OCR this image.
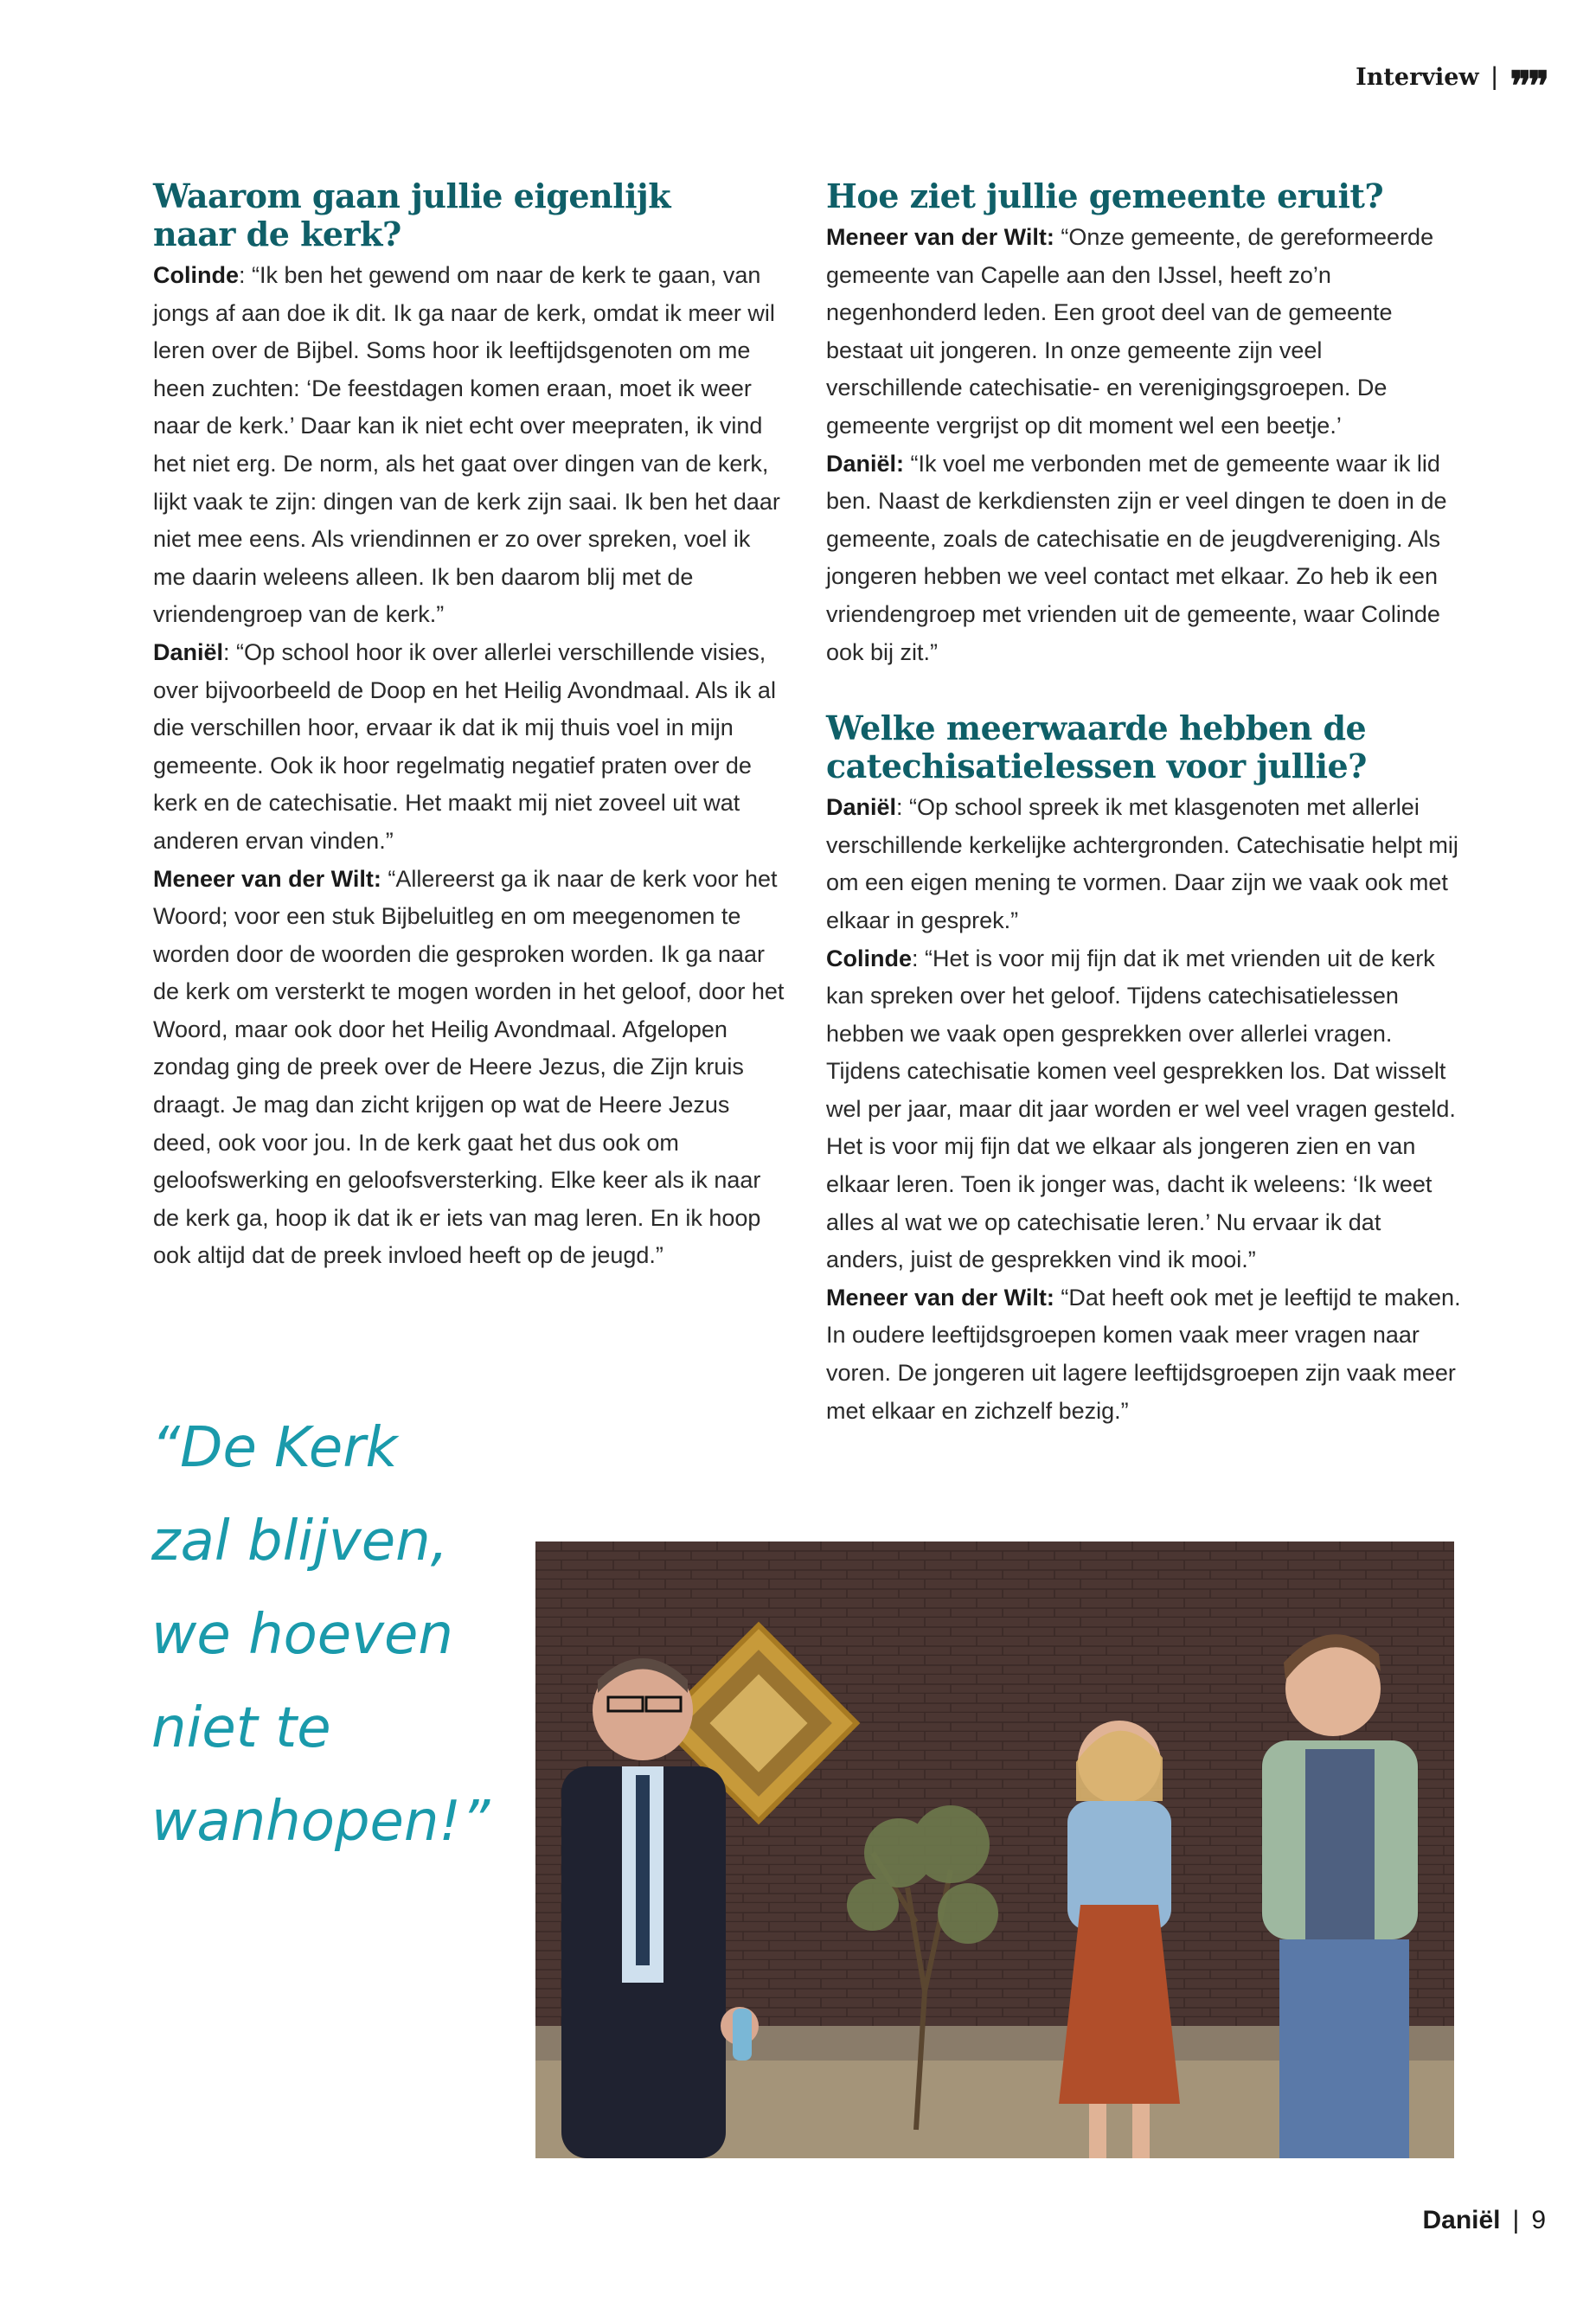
Interview | ❞❞
Waarom gaan jullie eigenlijk
naar de kerk?

Colinde: “Ik ben het gewend om naar de kerk te gaan, van jongs af aan doe ik dit. Ik ga naar de kerk, omdat ik meer wil leren over de Bijbel. Soms hoor ik leeftijdsgenoten om me heen zuchten: ‘De feestdagen komen eraan, moet ik weer naar de kerk.’ Daar kan ik niet echt over meepraten, ik vind het niet erg. De norm, als het gaat over dingen van de kerk, lijkt vaak te zijn: dingen van de kerk zijn saai. Ik ben het daar niet mee eens. Als vriendinnen er zo over spreken, voel ik me daarin weleens alleen. Ik ben daarom blij met de vriendengroep van de kerk.”

Daniël: “Op school hoor ik over allerlei verschillende visies, over bijvoorbeeld de Doop en het Heilig Avondmaal. Als ik al die verschillen hoor, ervaar ik dat ik mij thuis voel in mijn gemeente. Ook ik hoor regelmatig negatief praten over de kerk en de catechisatie. Het maakt mij niet zoveel uit wat anderen ervan vinden.”

Meneer van der Wilt: “Allereerst ga ik naar de kerk voor het Woord; voor een stuk Bijbeluitleg en om meegenomen te worden door de woorden die gesproken worden. Ik ga naar de kerk om versterkt te mogen worden in het geloof, door het Woord, maar ook door het Heilig Avondmaal. Afgelopen zondag ging de preek over de Heere Jezus, die Zijn kruis draagt. Je mag dan zicht krijgen op wat de Heere Jezus deed, ook voor jou. In de kerk gaat het dus ook om geloofswerking en geloofsversterking. Elke keer als ik naar de kerk ga, hoop ik dat ik er iets van mag leren. En ik hoop ook altijd dat de preek invloed heeft op de jeugd.”

Hoe ziet jullie gemeente eruit?

Meneer van der Wilt: “Onze gemeente, de gereformeerde gemeente van Capelle aan den IJssel, heeft zo’n negenhonderd leden. Een groot deel van de gemeente bestaat uit jongeren. In onze gemeente zijn veel verschillende catechisatie- en verenigingsgroepen. De gemeente vergrijst op dit moment wel een beetje.’

Daniël: “Ik voel me verbonden met de gemeente waar ik lid ben. Naast de kerkdiensten zijn er veel dingen te doen in de gemeente, zoals de catechisatie en de jeugdvereniging. Als jongeren hebben we veel contact met elkaar. Zo heb ik een vriendengroep met vrienden uit de gemeente, waar Colinde ook bij zit.”

Welke meerwaarde hebben de
catechisatielessen voor jullie?

Daniël: “Op school spreek ik met klasgenoten met allerlei verschillende kerkelijke achtergronden. Catechisatie helpt mij om een eigen mening te vormen. Daar zijn we vaak ook met elkaar in gesprek.”

Colinde: “Het is voor mij fijn dat ik met vrienden uit de kerk kan spreken over het geloof. Tijdens catechisatielessen hebben we vaak open gesprekken over allerlei vragen. Tijdens catechisatie komen veel gesprekken los. Dat wisselt wel per jaar, maar dit jaar worden er wel veel vragen gesteld. Het is voor mij fijn dat we elkaar als jongeren zien en van elkaar leren. Toen ik jonger was, dacht ik weleens: ‘Ik weet alles al wat we op catechisatie leren.’ Nu ervaar ik dat anders, juist de gesprekken vind ik mooi.”

Meneer van der Wilt: “Dat heeft ook met je leeftijd te maken. In oudere leeftijdsgroepen komen vaak meer vragen naar voren. De jongeren uit lagere leeftijdsgroepen zijn vaak meer met elkaar en zichzelf bezig.”

“De Kerk
zal blijven,
we hoeven
niet te
wanhopen!”
Daniël | 9
